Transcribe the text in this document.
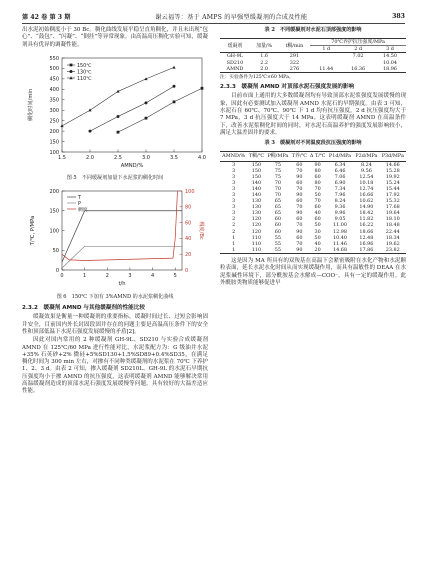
第 42 卷 第 3 期	谢云福等：基于 AMPS 的早强型缓凝剂的合成及性能	383

出水泥初始稠度小于 30 Bc。稠化曲线发展平稳呈直角稠化，并且未出现“包心”、“鼓包”、“闪凝”、“倒挂”等异常现象。由高温高压稠化实验可知，缓凝剂具有优异的调凝性能。

100
150
200
250
300
350
400
450
500
550
1.5	2.0	2.5	3.0	3.5	4.0
AMND/%
稠化时间/min
150℃
130℃
110℃
图 5　不同缓凝剂加量下水泥浆的稠化时间
0
50
100
150
200
0
20
40
60
80
100
0	1	2	3	4	5
t/h
T/℃, P/MPa	稠度/Bc
T
P
稠度
图 6　150℃ 下加有 3%AMND 的水泥浆稠化曲线
2.3.2　缓凝剂 AMND 与其他缓凝剂的性能比较

缓凝效果是衡量一种缓凝剂的重要指标，缓凝时间过长、过短会影响固井安全，目前国内外长封固段固井存在的问题主要是高温高压条件下的安全性和顶部低温下水泥石强度发展缓慢的矛盾[2]。

因此对国内常用的 2 种缓凝剂 GH-9L、SD210 与实验合成缓凝剂 AMND 在 125℃/60 MPa 进行性能对比，水泥浆配方为：G 级油井水泥+35% 石英砂+2% 微硅+5%SD130+1.5%SD89+0.4%SD35，在满足稠化时间为 300 min 左右，对掺有不同种类缓凝剂的水泥浆在 70℃ 下养护 1、2、3 d。由表 2 可知，掺入缓凝剂 SD210L、GH-9L 的水泥石早期抗压强度均小于掺 AMND 的抗压强度，这表明缓凝剂 AMND 能够解决常用高温缓凝剂造成的顶部水泥石强度发展缓慢等问题，具有较好的大温差适应性能。

表 2　不同缓凝剂对水泥石顶部强度的影响
缓凝剂	加量/%	t稠/min	70℃养护抗压强度/MPa		
			1 d	2 d	3 d
GH-9L	1.6	291		7.02	14.50
SD210	2.2	322			10.04
AMND	2.0	276	11.44	16.36	18.96
注：实验条件为125℃×60 MPa。
2.3.3　缓凝剂 AMND 对顶部水泥石强度发展的影响

目前市面上通用的大多数缓凝剂均有导致顶部水泥浆强度发展缓慢的现象，因此有必要测试加入缓凝剂 AMND 水泥石的早期强度。由表 3 可知，水泥石在 60℃、70℃、90℃ 下 1 d 均有抗压强度，2 d 抗压强度均大于 7 MPa，3 d 抗压强度大于 14 MPa。这表明缓凝剂 AMND 在高温条件下，改善水泥浆稠化时间的同时，对水泥石高温养护的强度发展影响较小，满足大温差固井的要求。

表 3　缓凝剂对不同温度段抗压强度的影响
AMND/%	T稠/℃	P稠/MPa	T养/℃	Δ T/℃	P1d/MPa	P2d/MPa	P3d/MPa
3	150	75	60	90	6.34	8.24	14.66
3	150	75	70	80	6.46	9.56	15.28
3	150	75	90	60	7.06	12.54	19.92
3	140	70	60	80	6.90	10.18	15.24
3	140	70	70	70	7.34	12.74	15.44
3	140	70	90	50	7.96	16.66	17.92
3	130	65	60	70	8.24	10.62	15.32
3	130	65	70	60	9.36	14.90	17.68
3	130	65	90	40	9.96	18.42	19.64
2	120	60	60	60	9.05	11.82	18.10
2	120	60	70	50	11.00	16.22	18.48
2	120	60	90	30	12.98	18.66	22.44
1	110	55	60	50	10.40	12.48	18.34
1	110	55	70	40	11.46	16.96	19.62
1	110	55	90	20	14.68	17.86	23.82

这是因为 MA 所具有的双羧基在高温下会紧密吸附在水化产物和水泥颗粒表面，延长水泥水化时间从而实现缓凝作用，而具有温敏性的 DEAA 在水泥浆碱性环境下，部分酰胺基会水解成—COO⁻，具有一定的缓凝作用。此外酰胺类物质能够促进早
